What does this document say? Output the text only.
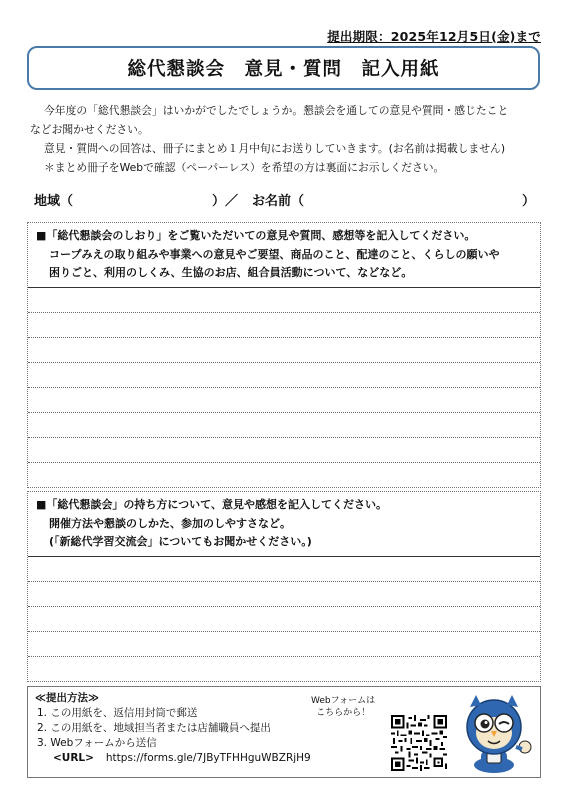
提出期限：2025年12月5日(金)まで
総代懇談会　意見・質問　記入用紙

今年度の「総代懇談会」はいかがでしたでしょうか。懇談会を通しての意見や質問・感じたこと

などお聞かせください。

意見・質問への回答は、冊子にまとめ１月中旬にお送りしていきます。(お名前は掲載しません)

＊まとめ冊子をWebで確認（ペーパーレス）を希望の方は裏面にお示しください。

地域（	）／ お名前（	）
■「総代懇談会のしおり」をご覧いただいての意見や質問、感想等を記入してください。
コープみえの取り組みや事業への意見やご要望、商品のこと、配達のこと、くらしの願いや
困りごと、利用のしくみ、生協のお店、組合員活動について、などなど。
■「総代懇談会」の持ち方について、意見や感想を記入してください。
開催方法や懇談のしかた、参加のしやすさなど。
(「新総代学習交流会」についてもお聞かせください。)
≪提出方法≫
1. この用紙を、返信用封筒で郵送
2. この用紙を、地域担当者または店舗職員へ提出
3. Webフォームから送信
<URL> https://forms.gle/7JByTFHHguWBZRjH9
Webフォームは
こちらから！
